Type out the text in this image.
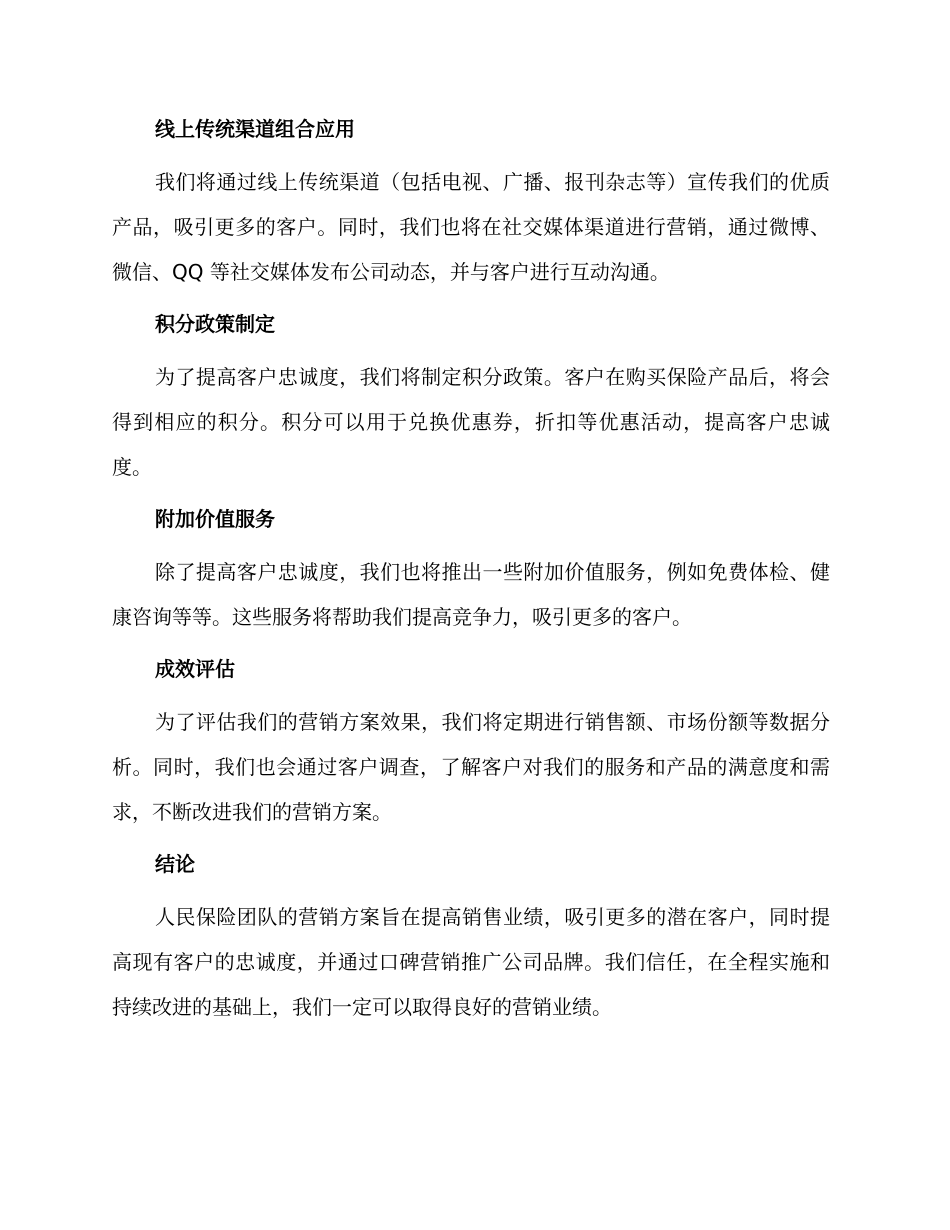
线上传统渠道组合应用

我们将通过线上传统渠道（包括电视、广播、报刊杂志等）宣传我们的优质产品，吸引更多的客户。同时，我们也将在社交媒体渠道进行营销，通过微博、微信、QQ 等社交媒体发布公司动态，并与客户进行互动沟通。

积分政策制定

为了提高客户忠诚度，我们将制定积分政策。客户在购买保险产品后，将会得到相应的积分。积分可以用于兑换优惠券，折扣等优惠活动，提高客户忠诚度。

附加价值服务

除了提高客户忠诚度，我们也将推出一些附加价值服务，例如免费体检、健康咨询等等。这些服务将帮助我们提高竞争力，吸引更多的客户。

成效评估

为了评估我们的营销方案效果，我们将定期进行销售额、市场份额等数据分析。同时，我们也会通过客户调查，了解客户对我们的服务和产品的满意度和需求，不断改进我们的营销方案。

结论

人民保险团队的营销方案旨在提高销售业绩，吸引更多的潜在客户，同时提高现有客户的忠诚度，并通过口碑营销推广公司品牌。我们信任，在全程实施和持续改进的基础上，我们一定可以取得良好的营销业绩。
